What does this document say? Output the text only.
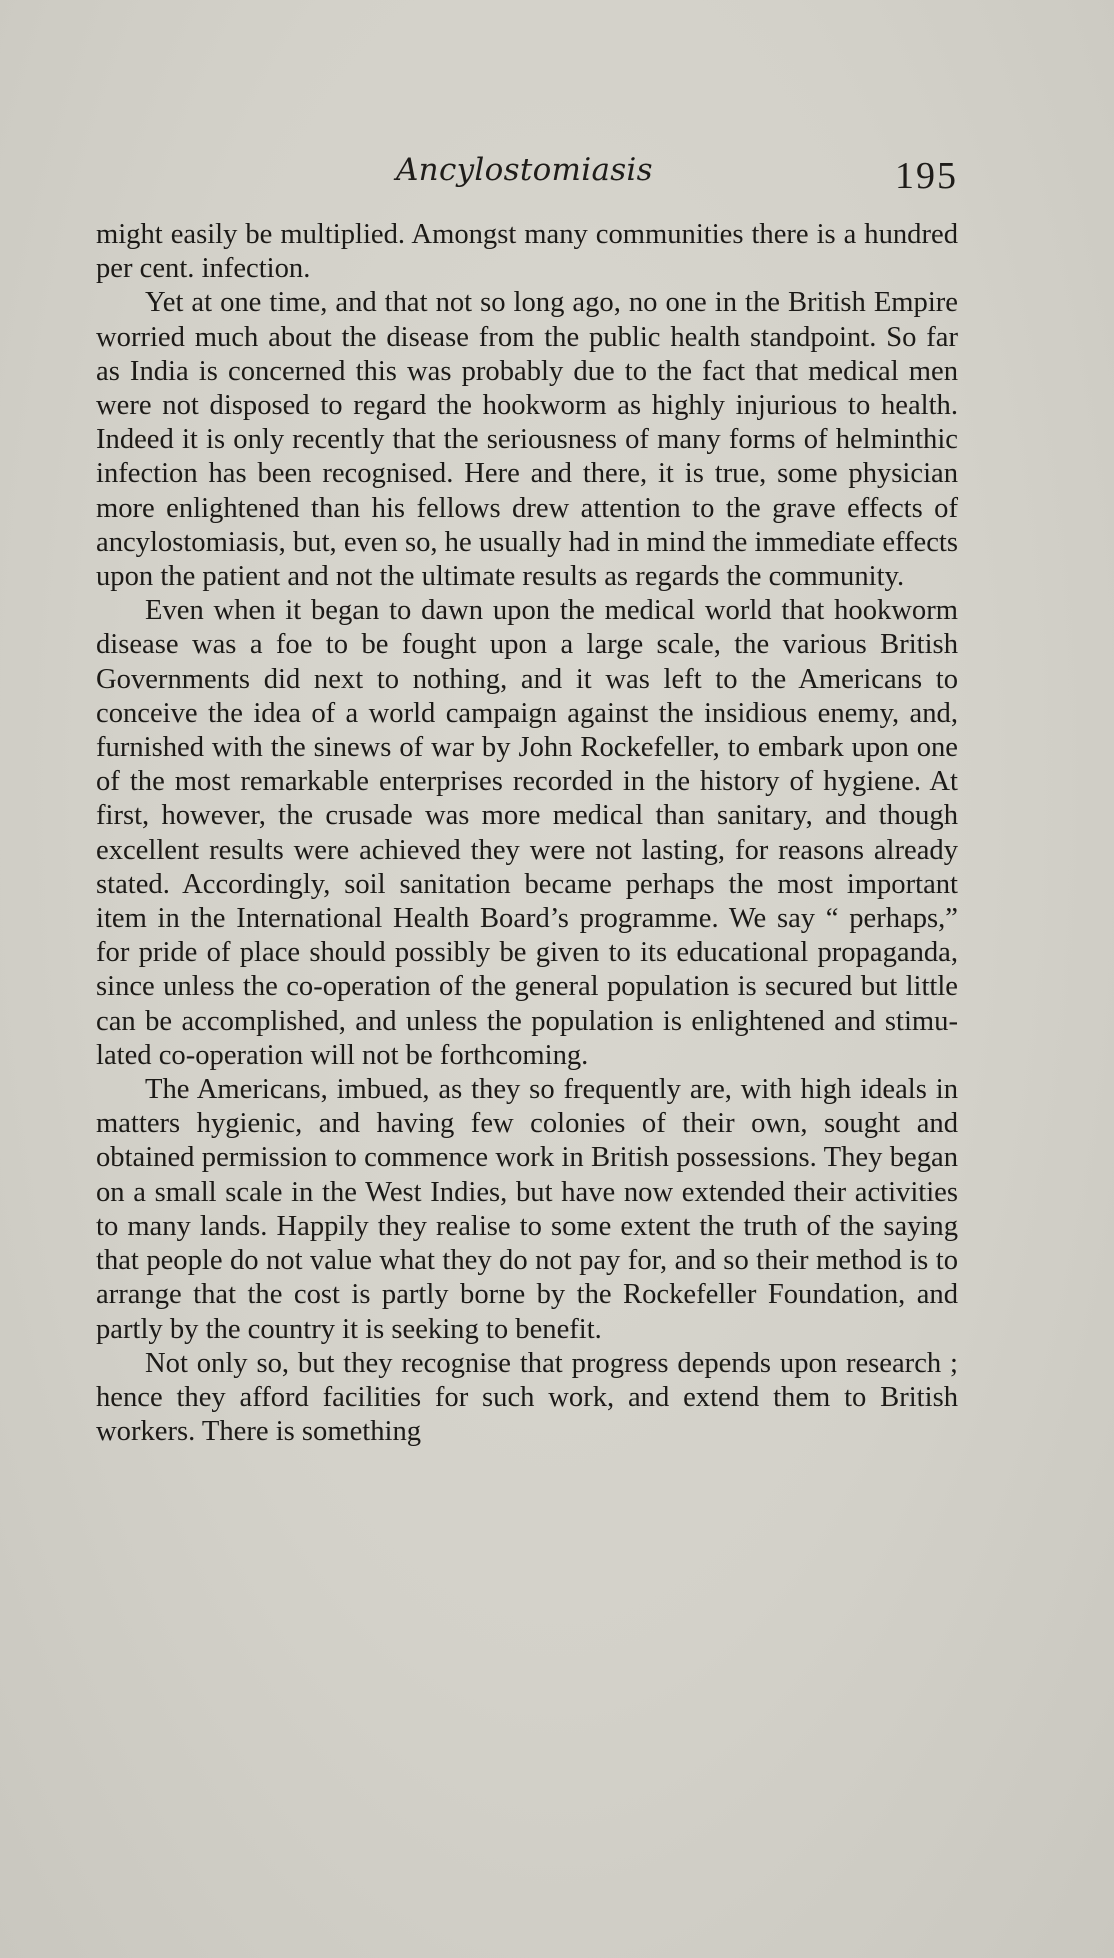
Ancylostomiasis	195

might easily be multiplied. Amongst many communities there is a hundred per cent. infection.

Yet at one time, and that not so long ago, no one in the British Empire worried much about the disease from the public health standpoint. So far as India is concerned this was probably due to the fact that medical men were not disposed to regard the hookworm as highly injurious to health. Indeed it is only recently that the seriousness of many forms of helminthic infection has been recognised. Here and there, it is true, some physician more enlightened than his fellows drew attention to the grave effects of ancylostomiasis, but, even so, he usually had in mind the immediate effects upon the patient and not the ultimate results as regards the community.

Even when it began to dawn upon the medical world that hookworm disease was a foe to be fought upon a large scale, the various British Governments did next to nothing, and it was left to the Americans to conceive the idea of a world campaign against the insidious enemy, and, furnished with the sinews of war by John Rockefeller, to embark upon one of the most remarkable enterprises recorded in the history of hygiene. At first, however, the crusade was more medical than sanitary, and though excellent results were achieved they were not lasting, for reasons already stated. Accordingly, soil sanitation became perhaps the most important item in the International Health Board’s programme. We say “ perhaps,” for pride of place should possibly be given to its educational propaganda, since unless the co-operation of the general population is secured but little can be accomplished, and unless the population is enlightened and stimulated co-operation will not be forthcoming.

The Americans, imbued, as they so frequently are, with high ideals in matters hygienic, and having few colonies of their own, sought and obtained permission to commence work in British possessions. They began on a small scale in the West Indies, but have now extended their activities to many lands. Happily they realise to some extent the truth of the saying that people do not value what they do not pay for, and so their method is to arrange that the cost is partly borne by the Rockefeller Foundation, and partly by the country it is seeking to benefit.

Not only so, but they recognise that progress depends upon research ; hence they afford facilities for such work, and extend them to British workers. There is something
